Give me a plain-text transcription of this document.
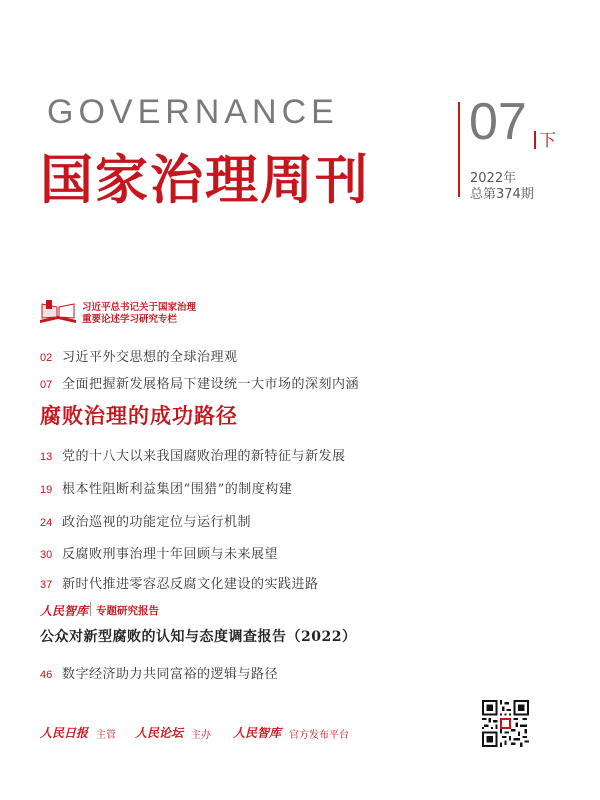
GOVERNANCE
国家治理周刊
07 下
2022年
总第374期
习近平总书记关于国家治理
重要论述学习研究专栏
02 习近平外交思想的全球治理观
07 全面把握新发展格局下建设统一大市场的深刻内涵
腐败治理的成功路径
13 党的十八大以来我国腐败治理的新特征与新发展
19 根本性阻断利益集团“围猎”的制度构建
24 政治巡视的功能定位与运行机制
30 反腐败刑事治理十年回顾与未来展望
37 新时代推进零容忍反腐文化建设的实践进路
人民智库 专题研究报告
公众对新型腐败的认知与态度调查报告（2022）
46 数字经济助力共同富裕的逻辑与路径
人民日报 主管 人民论坛 主办 人民智库 官方发布平台
